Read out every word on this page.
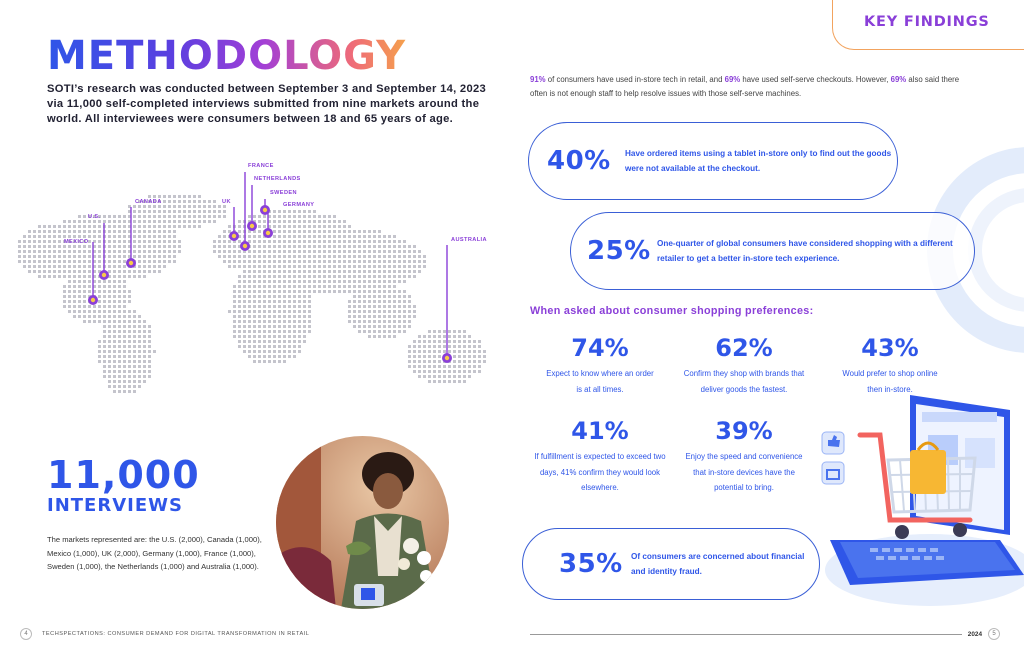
METHODOLOGY
SOTI’s research was conducted between September 3 and September 14, 2023 via 11,000 self-completed interviews submitted from nine markets around the world. All interviewees were consumers between 18 and 65 years of age.
MEXICO
U.S.
CANADA	UK
FRANCE
NETHERLANDS
SWEDEN
GERMANY
AUSTRALIA
11,000
INTERVIEWS
The markets represented are: the U.S. (2,000), Canada (1,000), Mexico (1,000), UK (2,000), Germany (1,000), France (1,000), Sweden (1,000), the Netherlands (1,000) and Australia (1,000).
4	TECHSPECTATIONS: CONSUMER DEMAND FOR DIGITAL TRANSFORMATION IN RETAIL
KEY FINDINGS
91% of consumers have used in-store tech in retail, and 69% have used self-serve checkouts. However, 69% also said there often is not enough staff to help resolve issues with those self-serve machines.
40%	Have ordered items using a tablet in-store only to find out the goods were not available at the checkout.
25% One-quarter of global consumers have considered shopping with a different retailer to get a better in-store tech experience.
When asked about consumer shopping preferences:
74%
Expect to know where an order is at all times.
62%
Confirm they shop with brands that deliver goods the fastest.
43%
Would prefer to shop online then in-store.
41%
If fulfillment is expected to exceed two days, 41% confirm they would look elsewhere.
39%
Enjoy the speed and convenience that in-store devices have the potential to bring.
35%	Of consumers are concerned about financial and identity fraud.
2024	5
